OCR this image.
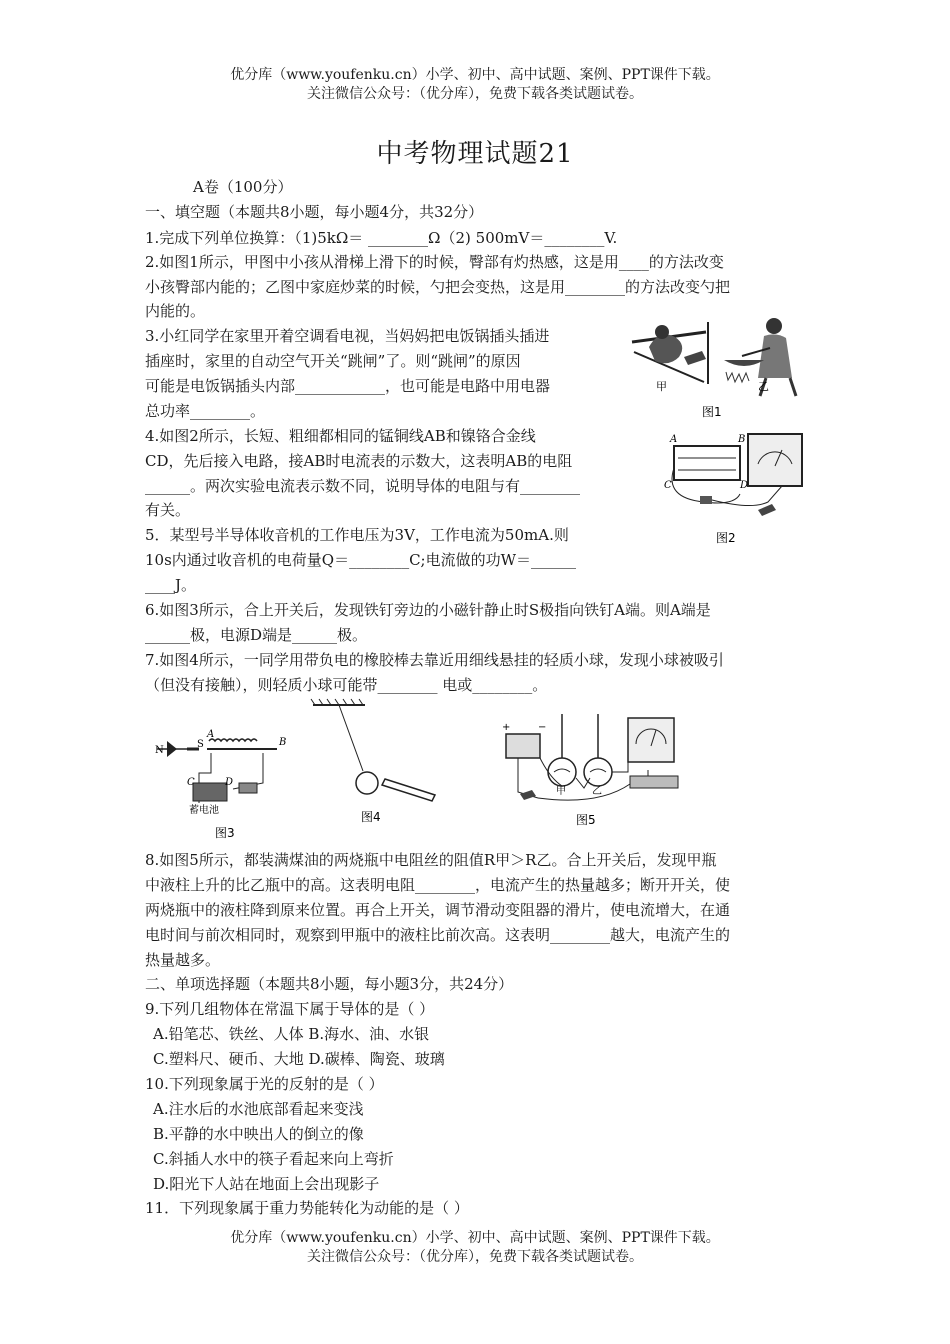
优分库（www.youfenku.cn）小学、初中、高中试题、案例、PPT课件下载。
关注微信公众号：（优分库），免费下载各类试题试卷。
中考物理试题21
A卷（100分）
一、填空题（本题共8小题，每小题4分，共32分）
1.完成下列单位换算：（1)5kΩ＝ ________Ω（2) 500mV＝________V.
2.如图1所示，甲图中小孩从滑梯上滑下的时候，臀部有灼热感，这是用____的方法改变
小孩臀部内能的；乙图中家庭炒菜的时候，勺把会变热，这是用________的方法改变勺把
内能的。
3.小红同学在家里开着空调看电视，当妈妈把电饭锅插头插进
插座时，家里的自动空气开关“跳闸”了。则“跳闸”的原因
可能是电饭锅插头内部____________，也可能是电路中用电器
总功率________。
4.如图2所示，长短、粗细都相同的锰铜线AB和镍铬合金线
CD，先后接入电路，接AB时电流表的示数大，这表明AB的电阻
______。两次实验电流表示数不同，说明导体的电阻与有________
有关。
5．某型号半导体收音机的工作电压为3V，工作电流为50mA.则
10s内通过收音机的电荷量Q＝________C;电流做的功W＝______
____J。
6.如图3所示，合上开关后，发现铁钉旁边的小磁针静止时S极指向铁钉A端。则A端是
______极，电源D端是______极。
7.如图4所示，一同学用带负电的橡胶棒去靠近用细线悬挂的轻质小球，发现小球被吸引
（但没有接触），则轻质小球可能带________ 电或________。
8.如图5所示，都装满煤油的两烧瓶中电阻丝的阻值R甲＞R乙。合上开关后，发现甲瓶
中液柱上升的比乙瓶中的高。这表明电阻________，电流产生的热量越多；断开开关，使
两烧瓶中的液柱降到原来位置。再合上开关，调节滑动变阻器的滑片，使电流增大，在通
电时间与前次相同时，观察到甲瓶中的液柱比前次高。这表明________越大，电流产生的
热量越多。
二、单项选择题（本题共8小题，每小题3分，共24分）
9.下列几组物体在常温下属于导体的是（ ）
A.铅笔芯、铁丝、人体 B.海水、油、水银
C.塑料尺、硬币、大地 D.碳棒、陶瓷、玻璃
10.下列现象属于光的反射的是（ ）
A.注水后的水池底部看起来变浅
B.平静的水中映出人的倒立的像
C.斜插人水中的筷子看起来向上弯折
D.阳光下人站在地面上会出现影子
11．下列现象属于重力势能转化为动能的是（ ）
甲	乙
图1
A	B
C	D
图2
N
S
A
B
C	D
蓄电池
图3
图4
+	−
甲	乙
图5
优分库（www.youfenku.cn）小学、初中、高中试题、案例、PPT课件下载。
关注微信公众号：（优分库），免费下载各类试题试卷。
